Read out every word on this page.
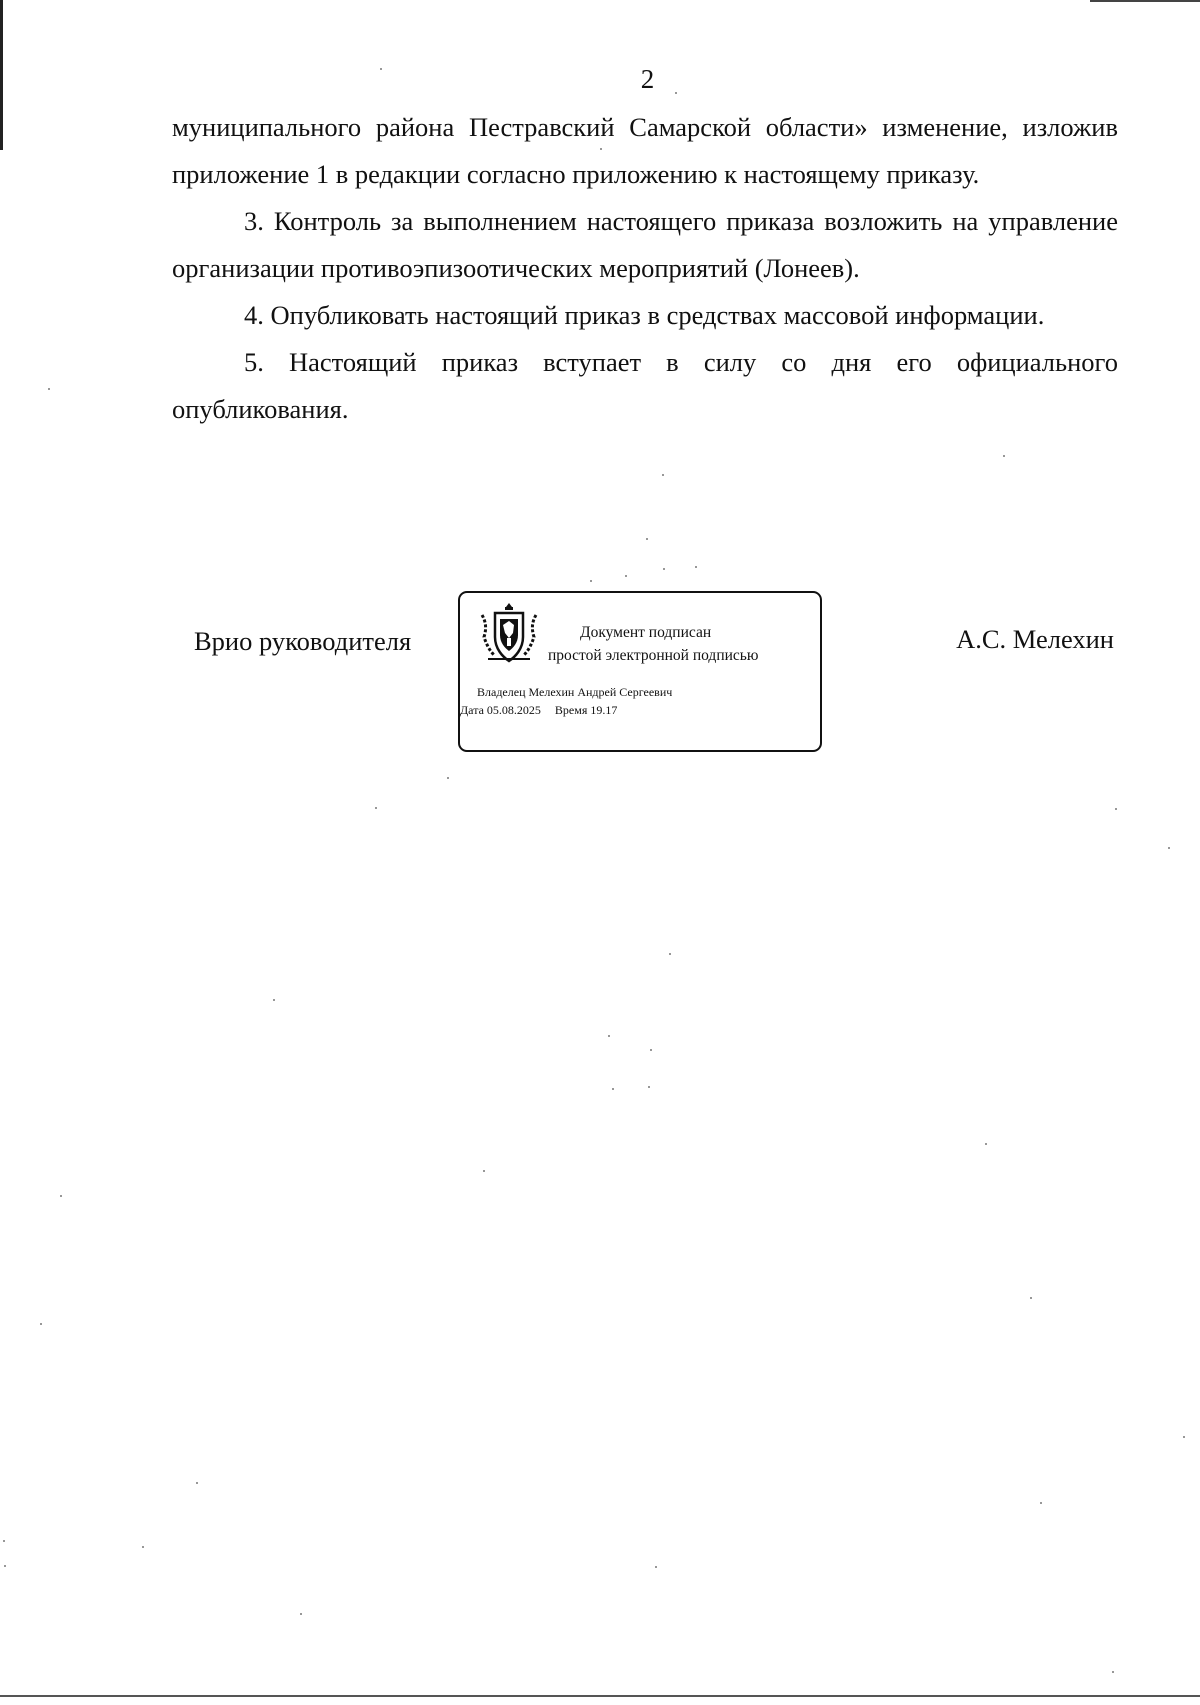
2

муниципального района Пестравский Самарской области» изменение, изложив приложение 1 в редакции согласно приложению к настоящему приказу.

3. Контроль за выполнением настоящего приказа возложить на управление организации противоэпизоотических мероприятий (Лонеев).

4. Опубликовать настоящий приказ в средствах массовой информации.

5. Настоящий приказ вступает в силу со дня его официального опубликования.

Врио руководителя	Документ подписан
простой электронной подписью
Владелец Мелехин Андрей Сергеевич
Дата 05.08.2025 Время 19.17
А.С. Мелехин
